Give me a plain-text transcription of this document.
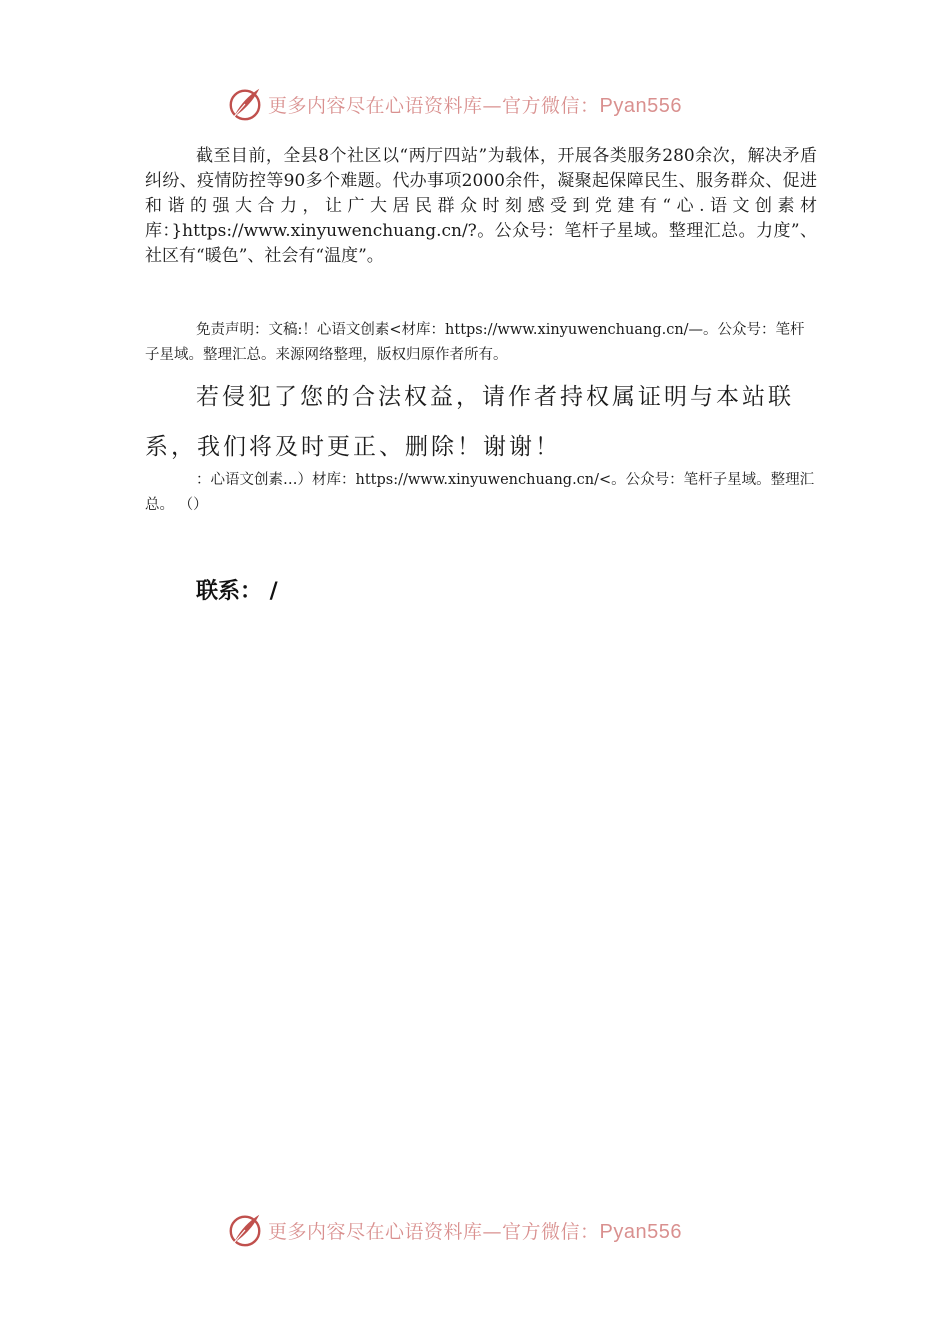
更多内容尽在心语资料库—官方微信：Pyan556

截至目前，全县8个社区以“两厅四站”为载体，开展各类服务280余次，解决矛盾纠纷、疫情防控等90多个难题。代办事项2000余件，凝聚起保障民生、服务群众、促进和谐的强大合力，让广大居民群众时刻感受到党建有“心.语文创素材库：}https://www.xinyuwenchuang.cn/?。公众号：笔杆子星域。整理汇总。力度”、社区有“暖色”、社会有“温度”。

免责声明：文稿:！心语文创素<材库：https://www.xinyuwenchuang.cn/—。公众号：笔杆子星域。整理汇总。来源网络整理，版权归原作者所有。

若侵犯了您的合法权益，请作者持权属证明与本站联系，我们将及时更正、删除！谢谢！

：心语文创素…）材库：https://www.xinyuwenchuang.cn/<。公众号：笔杆子星域。整理汇总。 （）

联系： /

更多内容尽在心语资料库—官方微信：Pyan556
